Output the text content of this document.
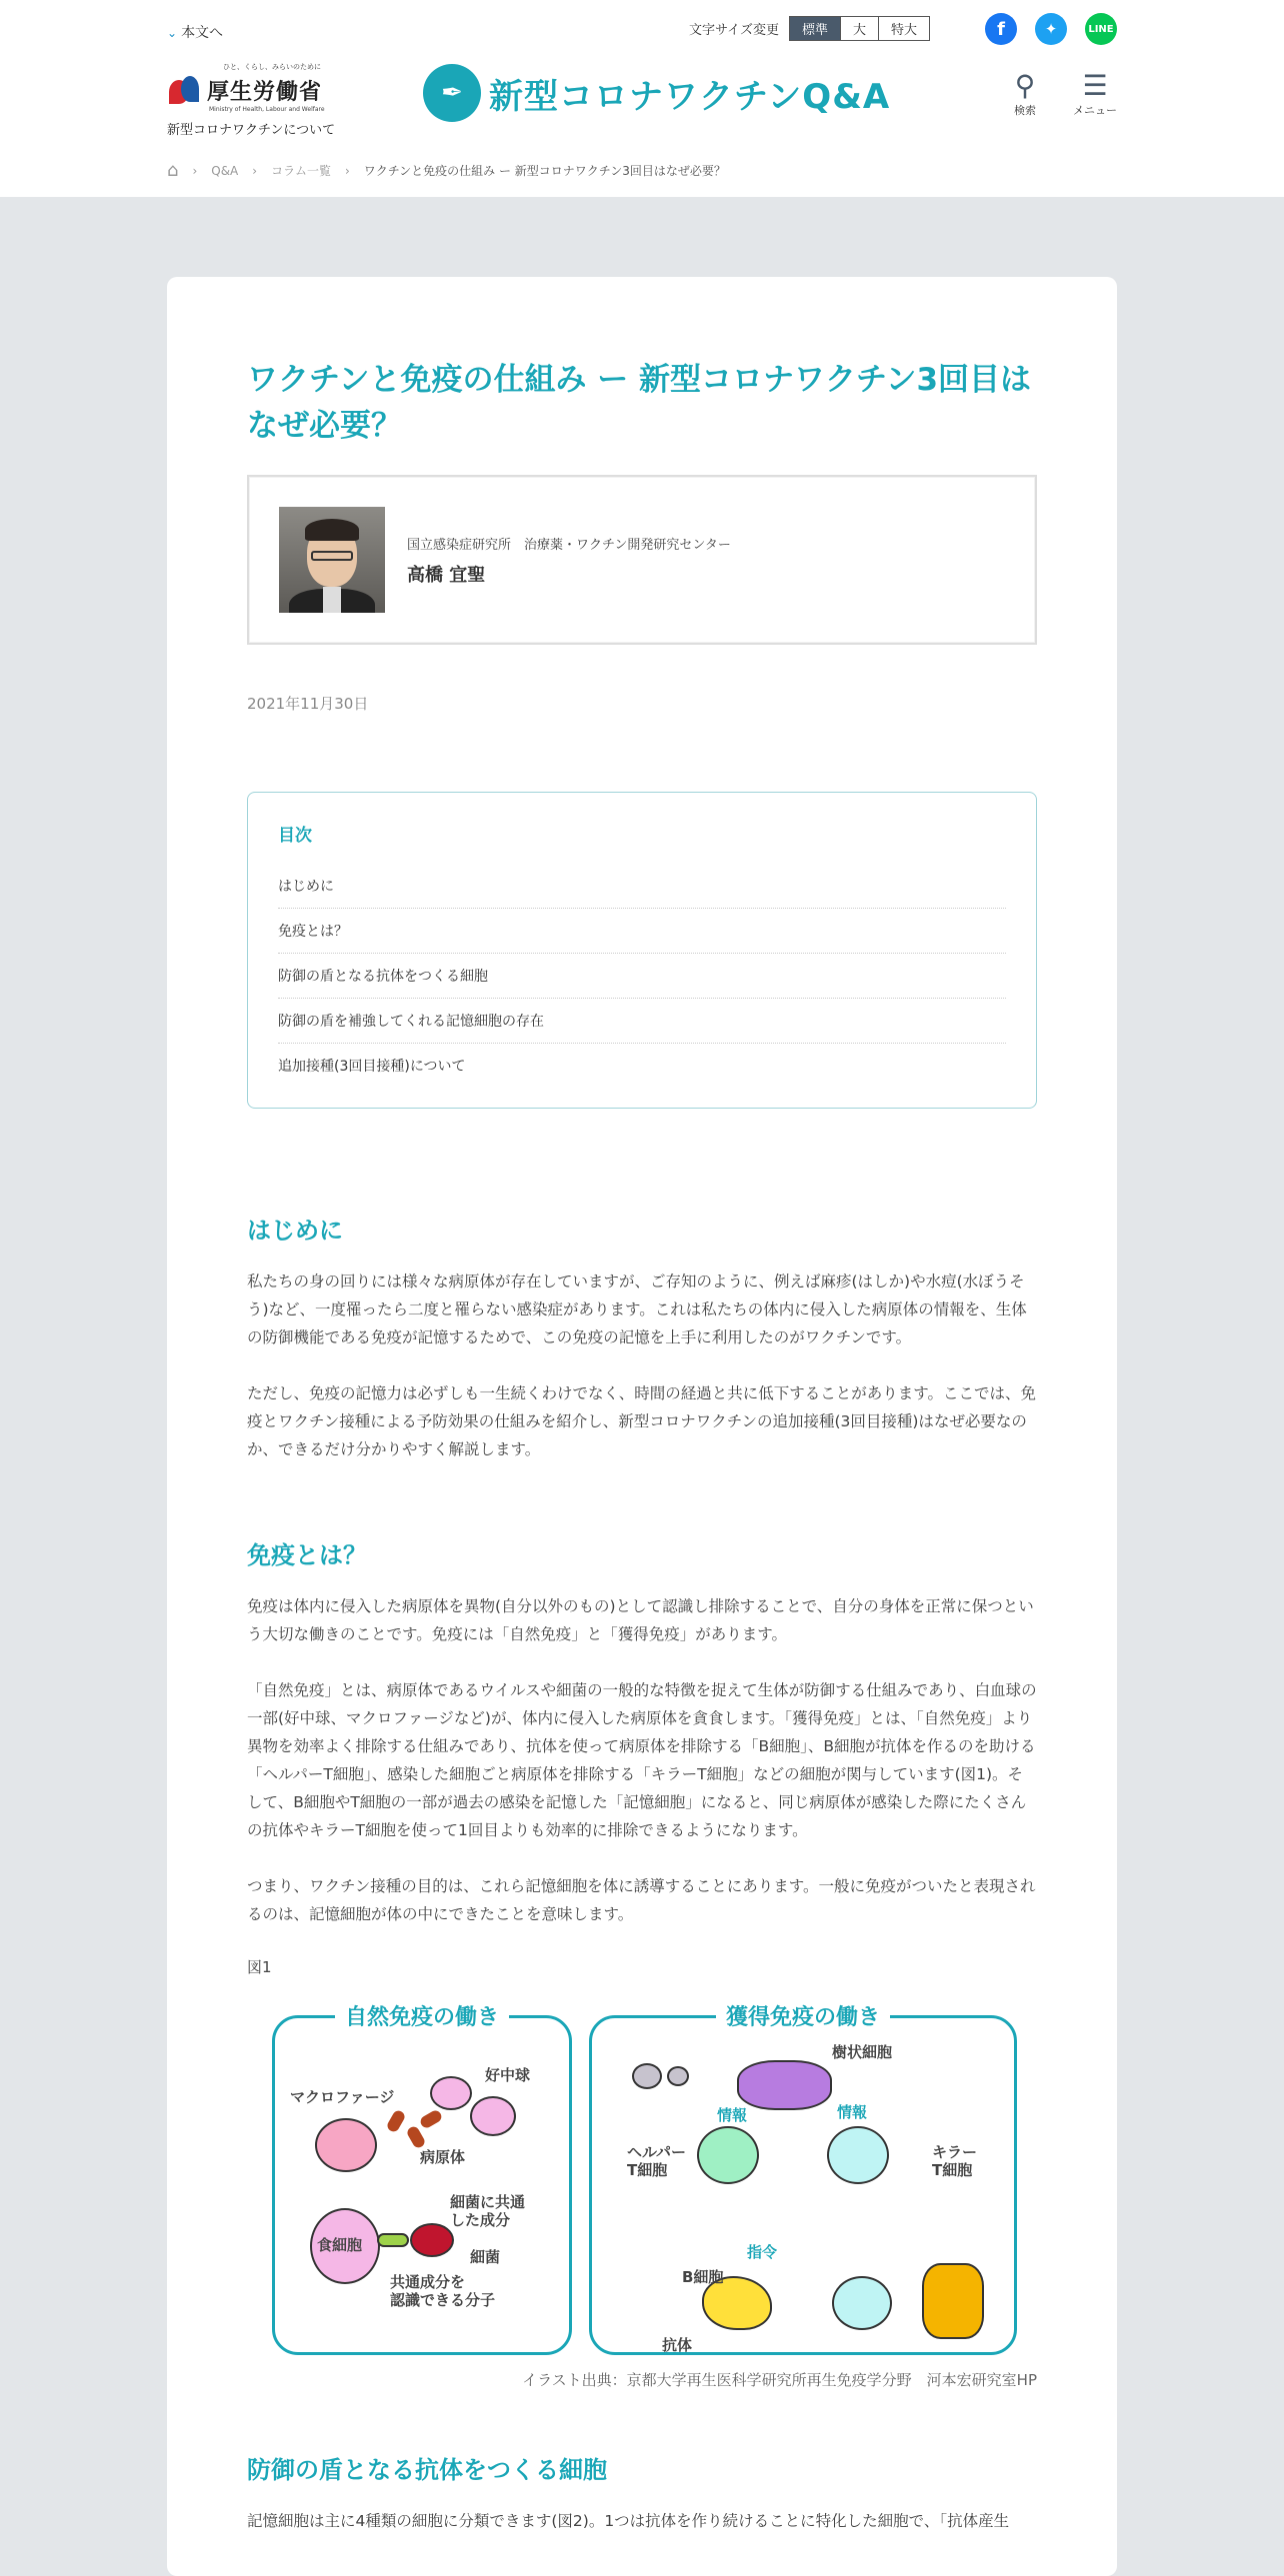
⌄ 本文へ	文字サイズ変更	標準	大	特大	f	✦	LINE
ひと、くらし、みらいのために
厚生労働省
Ministry of Health, Labour and Welfare
新型コロナワクチンについて
✒ 新型コロナワクチンQ&A	⚲
検索
☰
メニュー
⌂ › Q&A › コラム一覧 › ワクチンと免疫の仕組み ー 新型コロナワクチン3回目はなぜ必要？
ワクチンと免疫の仕組み ー 新型コロナワクチン3回目はなぜ必要？
国立感染症研究所　治療薬・ワクチン開発研究センター
高橋 宜聖
2021年11月30日
目次
はじめに
免疫とは？
防御の盾となる抗体をつくる細胞
防御の盾を補強してくれる記憶細胞の存在
追加接種(3回目接種)について
はじめに

私たちの身の回りには様々な病原体が存在していますが、ご存知のように、例えば麻疹(はしか)や水痘(水ぼうそう)など、一度罹ったら二度と罹らない感染症があります。これは私たちの体内に侵入した病原体の情報を、生体の防御機能である免疫が記憶するためで、この免疫の記憶を上手に利用したのがワクチンです。

ただし、免疫の記憶力は必ずしも一生続くわけでなく、時間の経過と共に低下することがあります。ここでは、免疫とワクチン接種による予防効果の仕組みを紹介し、新型コロナワクチンの追加接種(3回目接種)はなぜ必要なのか、できるだけ分かりやすく解説します。

免疫とは？

免疫は体内に侵入した病原体を異物(自分以外のもの)として認識し排除することで、自分の身体を正常に保つという大切な働きのことです。免疫には「自然免疫」と「獲得免疫」があります。

「自然免疫」とは、病原体であるウイルスや細菌の一般的な特徴を捉えて生体が防御する仕組みであり、白血球の一部(好中球、マクロファージなど)が、体内に侵入した病原体を貪食します。「獲得免疫」とは、「自然免疫」より異物を効率よく排除する仕組みであり、抗体を使って病原体を排除する「B細胞」、B細胞が抗体を作るのを助ける「ヘルパーT細胞」、感染した細胞ごと病原体を排除する「キラーT細胞」などの細胞が関与しています(図1)。そして、B細胞やT細胞の一部が過去の感染を記憶した「記憶細胞」になると、同じ病原体が感染した際にたくさんの抗体やキラーT細胞を使って1回目よりも効率的に排除できるようになります。

つまり、ワクチン接種の目的は、これら記憶細胞を体に誘導することにあります。一般に免疫がついたと表現されるのは、記憶細胞が体の中にできたことを意味します。

図1
自然免疫の働き
マクロファージ
好中球
病原体
食細胞
細菌に共通
した成分
細菌
共通成分を
認識できる分子
獲得免疫の働き
樹状細胞
情報	情報
ヘルパー
T細胞
キラー
T細胞
指令
B細胞
抗体
イラスト出典：京都大学再生医科学研究所再生免疫学分野　河本宏研究室HP
防御の盾となる抗体をつくる細胞

記憶細胞は主に4種類の細胞に分類できます(図2)。1つは抗体を作り続けることに特化した細胞で、「抗体産生
